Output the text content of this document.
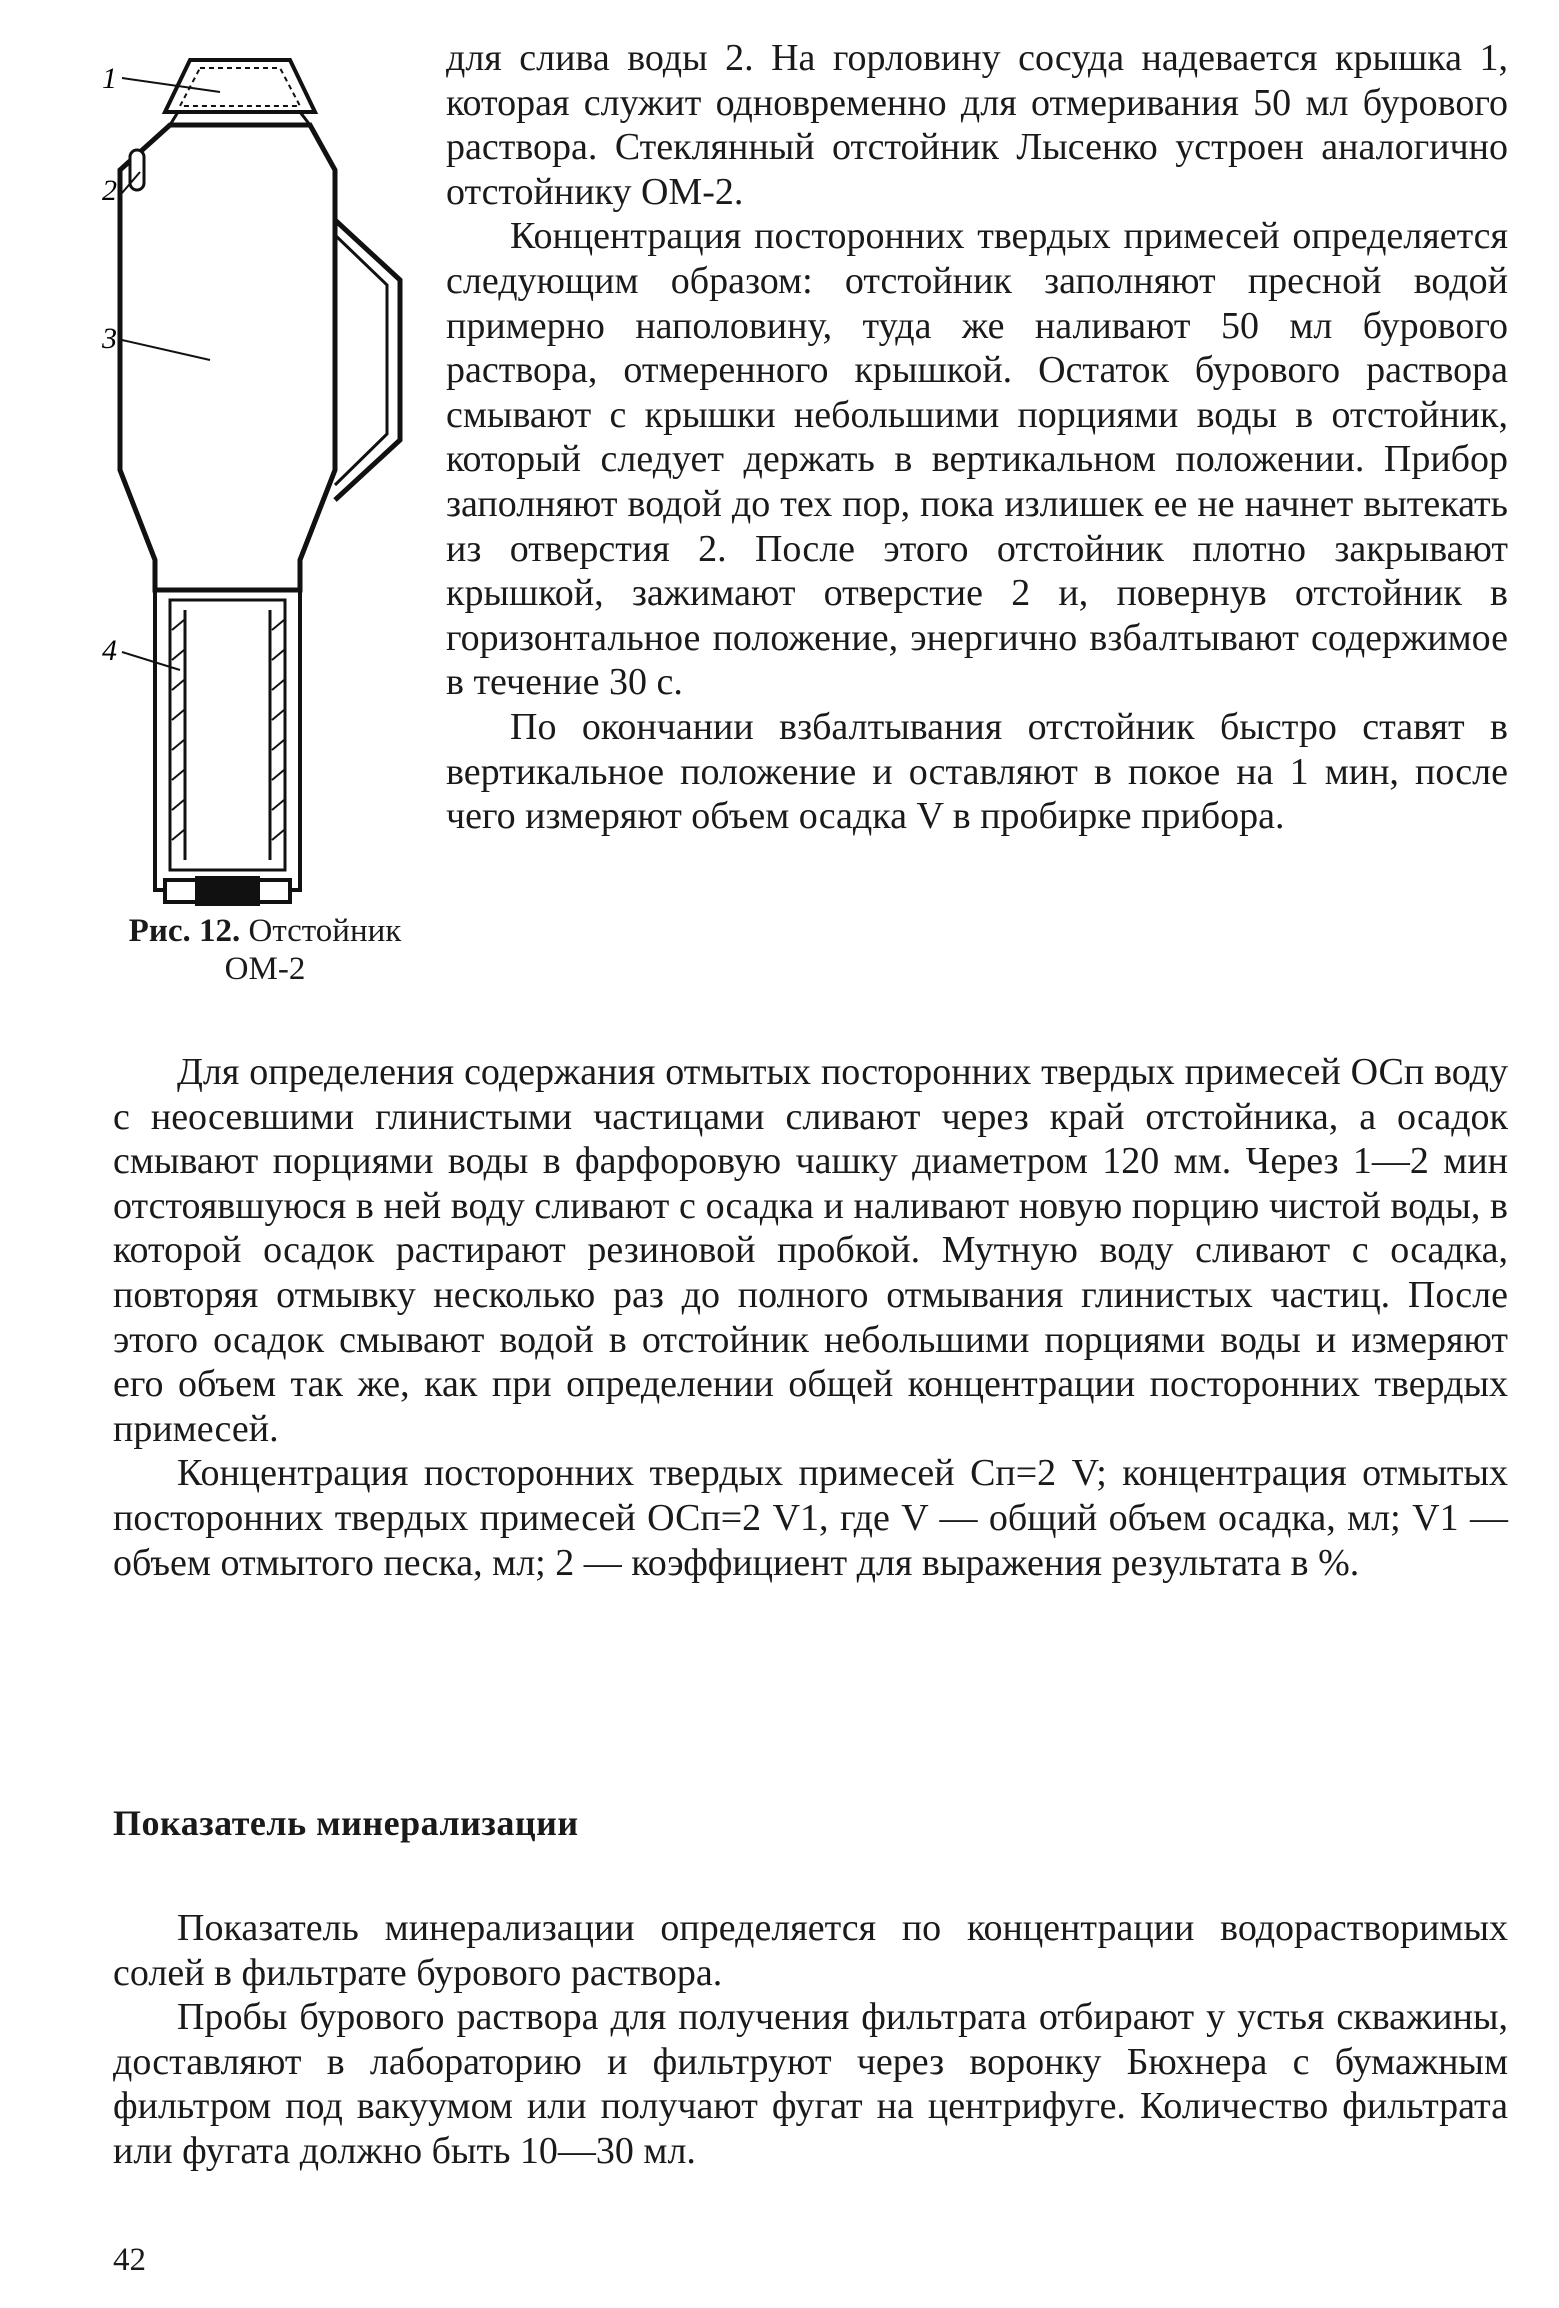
1
2
3
4
Рис. 12. Отстойник ОМ-2

для слива воды 2. На горловину сосуда надевается крышка 1, которая служит одновременно для отмеривания 50 мл бурового раствора. Стеклянный отстойник Лысенко устроен аналогично отстойнику ОМ-2.

Концентрация посторонних твердых примесей определяется следующим образом: отстойник заполняют пресной водой примерно наполовину, туда же наливают 50 мл бурового раствора, отмеренного крышкой. Остаток бурового раствора смывают с крышки небольшими порциями воды в отстойник, который следует держать в вертикальном положении. Прибор заполняют водой до тех пор, пока излишек ее не начнет вытекать из отверстия 2. После этого отстойник плотно закрывают крышкой, зажимают отверстие 2 и, повернув отстойник в горизонтальное положение, энергично взбалтывают содержимое в течение 30 с.

По окончании взбалтывания отстойник быстро ставят в вертикальное положение и оставляют в покое на 1 мин, после чего измеряют объем осадка V в пробирке прибора.

Для определения содержания отмытых посторонних твердых примесей ОСп воду с неосевшими глинистыми частицами сливают через край отстойника, а осадок смывают порциями воды в фарфоровую чашку диаметром 120 мм. Через 1—2 мин отстоявшуюся в ней воду сливают с осадка и наливают новую порцию чистой воды, в которой осадок растирают резиновой пробкой. Мутную воду сливают с осадка, повторяя отмывку несколько раз до полного отмывания глинистых частиц. После этого осадок смывают водой в отстойник небольшими порциями воды и измеряют его объем так же, как при определении общей концентрации посторонних твердых примесей.

Концентрация посторонних твердых примесей Сп=2 V; концентрация отмытых посторонних твердых примесей ОСп=2 V1, где V — общий объем осадка, мл; V1 — объем отмытого песка, мл; 2 — коэффициент для выражения результата в %.

Показатель минерализации

Показатель минерализации определяется по концентрации водорастворимых солей в фильтрате бурового раствора.

Пробы бурового раствора для получения фильтрата отбирают у устья скважины, доставляют в лабораторию и фильтруют через воронку Бюхнера с бумажным фильтром под вакуумом или получают фугат на центрифуге. Количество фильтрата или фугата должно быть 10—30 мл.

42
